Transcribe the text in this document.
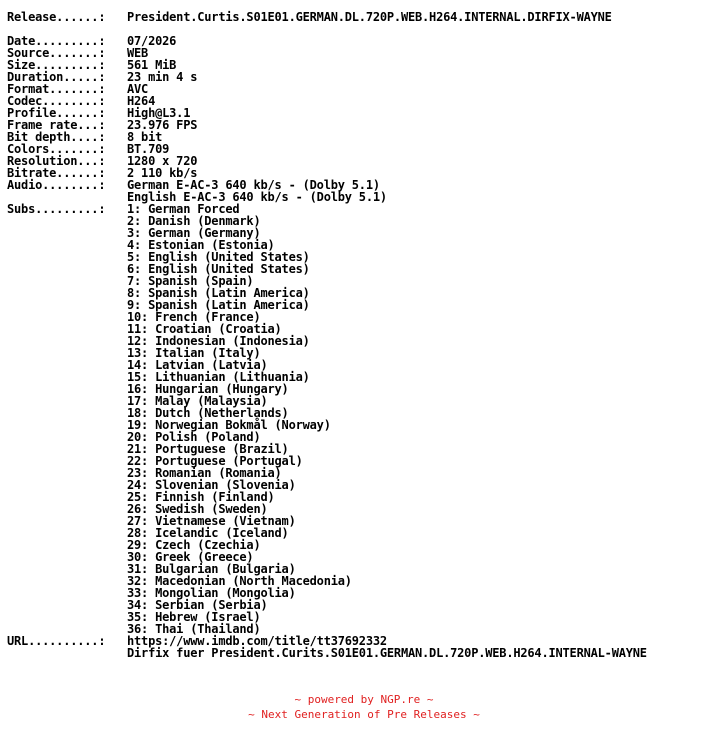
Release......:	President.Curtis.S01E01.GERMAN.DL.720P.WEB.H264.INTERNAL.DIRFIX-WAYNE
Date.........:	07/2026
Source.......:	WEB
Size.........:	561 MiB
Duration.....:	23 min 4 s
Format.......:	AVC
Codec........:	H264
Profile......:	High@L3.1
Frame rate...:	23.976 FPS
Bit depth....:	8 bit
Colors.......:	BT.709
Resolution...:	1280 x 720
Bitrate......:	2 110 kb/s
Audio........:	German E-AC-3 640 kb/s - (Dolby 5.1)
English E-AC-3 640 kb/s - (Dolby 5.1)
Subs.........:	1: German Forced
2: Danish (Denmark)
3: German (Germany)
4: Estonian (Estonia)
5: English (United States)
6: English (United States)
7: Spanish (Spain)
8: Spanish (Latin America)
9: Spanish (Latin America)
10: French (France)
11: Croatian (Croatia)
12: Indonesian (Indonesia)
13: Italian (Italy)
14: Latvian (Latvia)
15: Lithuanian (Lithuania)
16: Hungarian (Hungary)
17: Malay (Malaysia)
18: Dutch (Netherlands)
19: Norwegian Bokmål (Norway)
20: Polish (Poland)
21: Portuguese (Brazil)
22: Portuguese (Portugal)
23: Romanian (Romania)
24: Slovenian (Slovenia)
25: Finnish (Finland)
26: Swedish (Sweden)
27: Vietnamese (Vietnam)
28: Icelandic (Iceland)
29: Czech (Czechia)
30: Greek (Greece)
31: Bulgarian (Bulgaria)
32: Macedonian (North Macedonia)
33: Mongolian (Mongolia)
34: Serbian (Serbia)
35: Hebrew (Israel)
36: Thai (Thailand)
URL..........:	https://www.imdb.com/title/tt37692332
Dirfix fuer President.Curits.S01E01.GERMAN.DL.720P.WEB.H264.INTERNAL-WAYNE
~ powered by NGP.re ~
~ Next Generation of Pre Releases ~
